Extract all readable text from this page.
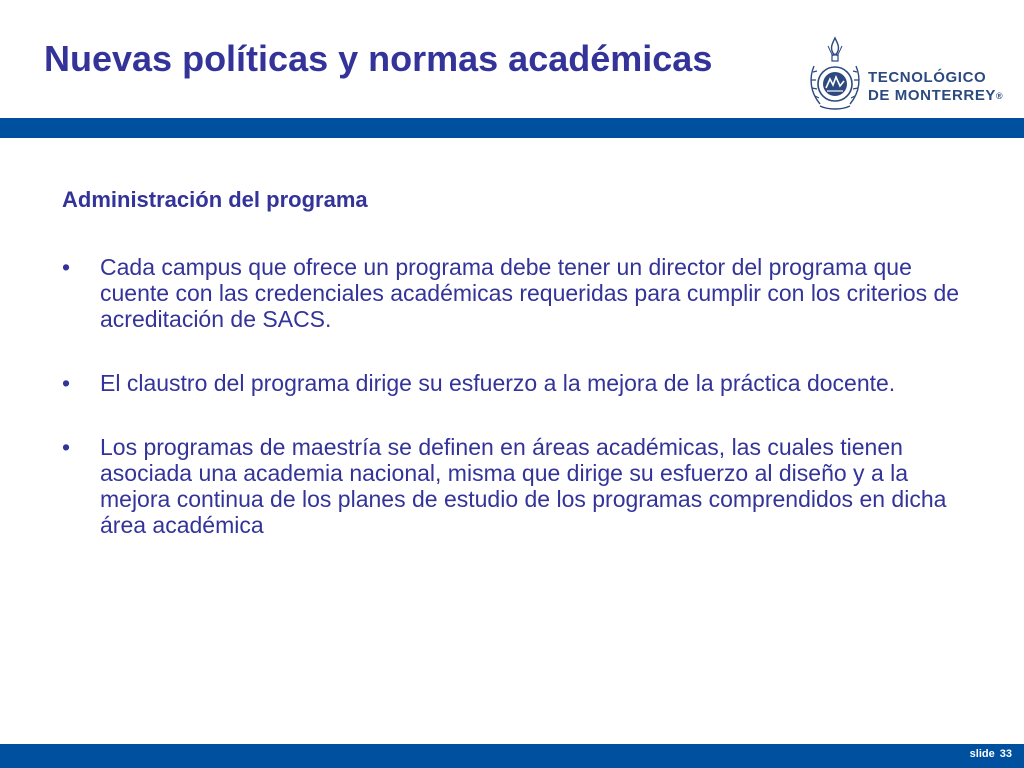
Nuevas políticas y normas académicas	TECNOLÓGICO
DE MONTERREY®
Administración del programa
• Cada campus que ofrece un programa debe tener un director del programa que cuente con las credenciales académicas requeridas para cumplir con los criterios de acreditación de SACS.
• El claustro del programa dirige su esfuerzo a la mejora de la práctica docente.
• Los programas de maestría se definen en áreas académicas, las cuales tienen asociada una academia nacional, misma que dirige su esfuerzo al diseño y a la mejora continua de los planes de estudio de los programas comprendidos en dicha área académica
slide 33
